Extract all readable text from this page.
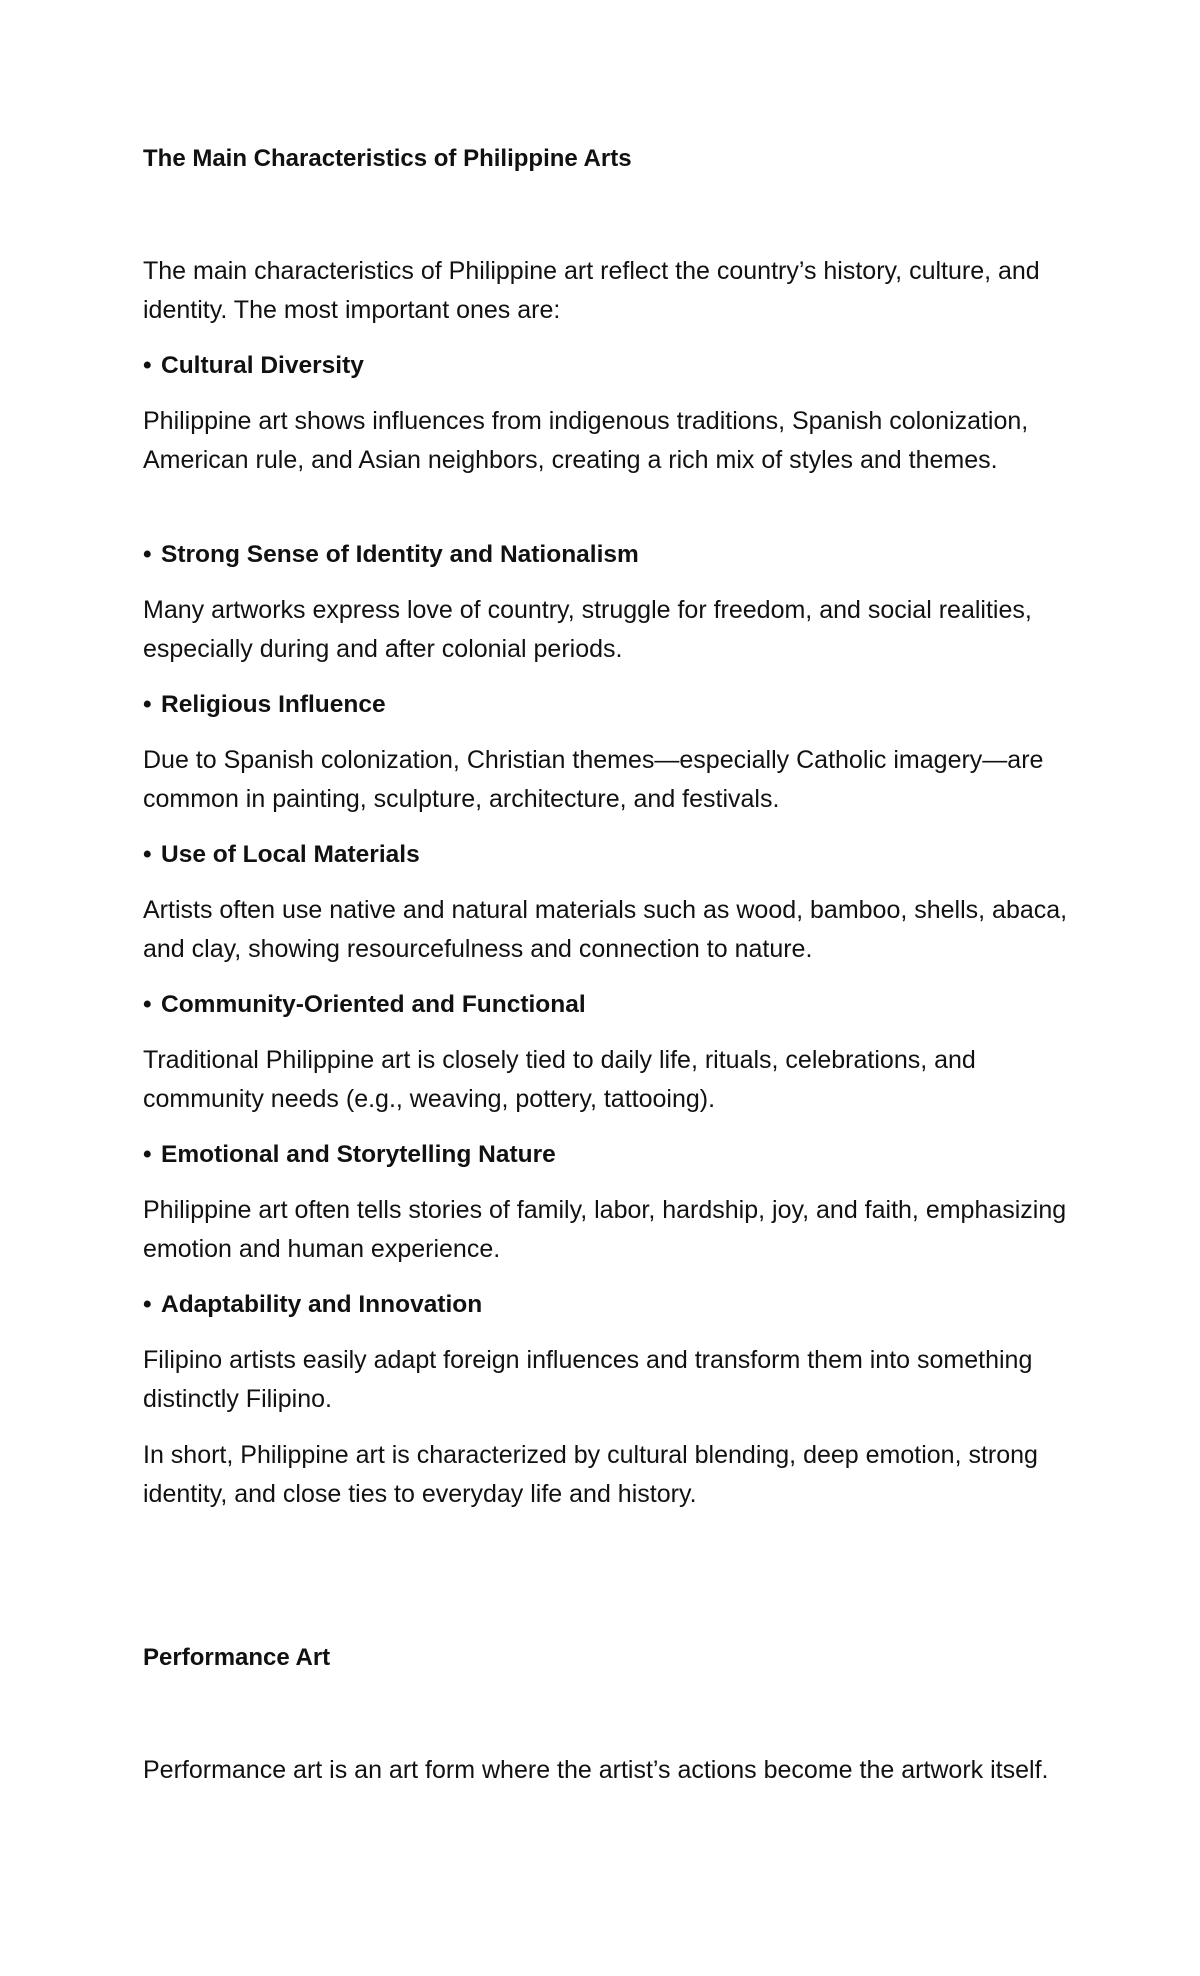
The Main Characteristics of Philippine Arts

The main characteristics of Philippine art reflect the country’s history, culture, and identity. The most important ones are:

• Cultural Diversity

Philippine art shows influences from indigenous traditions, Spanish colonization, American rule, and Asian neighbors, creating a rich mix of styles and themes.

• Strong Sense of Identity and Nationalism

Many artworks express love of country, struggle for freedom, and social realities, especially during and after colonial periods.

• Religious Influence

Due to Spanish colonization, Christian themes—especially Catholic imagery—are common in painting, sculpture, architecture, and festivals.

• Use of Local Materials

Artists often use native and natural materials such as wood, bamboo, shells, abaca, and clay, showing resourcefulness and connection to nature.

• Community-Oriented and Functional

Traditional Philippine art is closely tied to daily life, rituals, celebrations, and community needs (e.g., weaving, pottery, tattooing).

• Emotional and Storytelling Nature

Philippine art often tells stories of family, labor, hardship, joy, and faith, emphasizing emotion and human experience.

• Adaptability and Innovation

Filipino artists easily adapt foreign influences and transform them into something distinctly Filipino.

In short, Philippine art is characterized by cultural blending, deep emotion, strong identity, and close ties to everyday life and history.

Performance Art

Performance art is an art form where the artist’s actions become the artwork itself.
